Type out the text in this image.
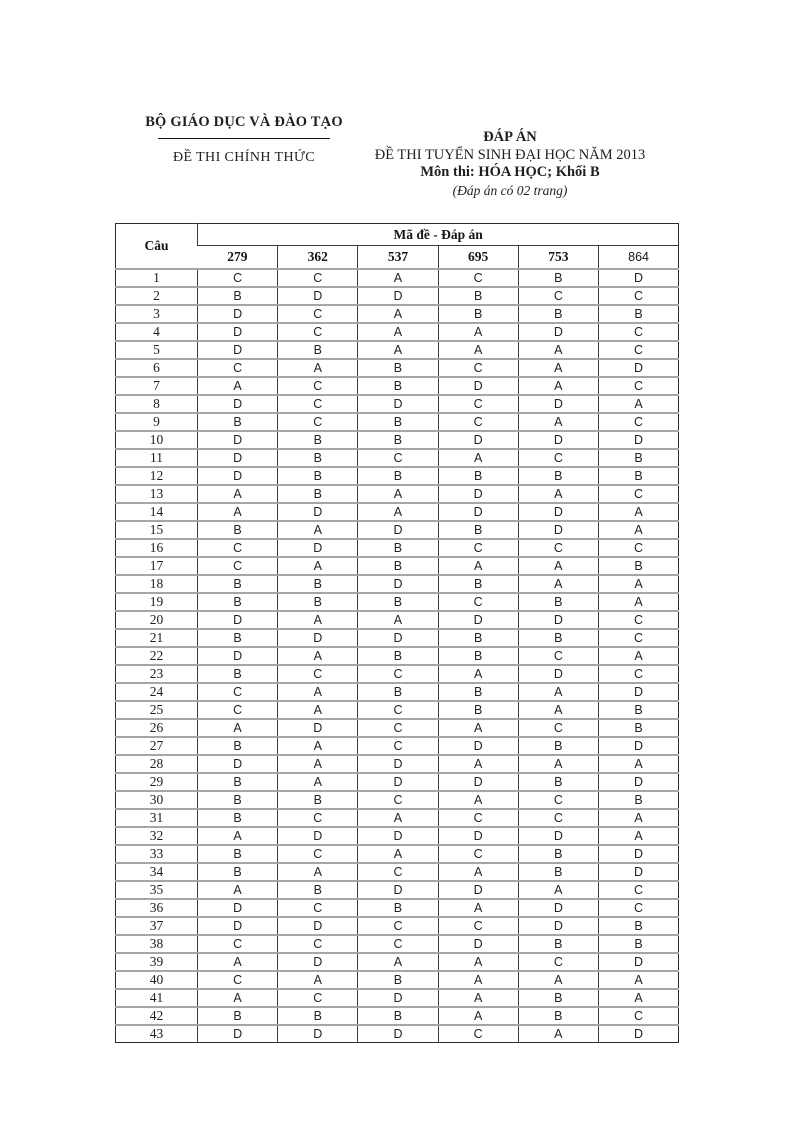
BỘ GIÁO DỤC VÀ ĐÀO TẠO
ĐỀ THI CHÍNH THỨC
ĐÁP ÁN
ĐỀ THI TUYỂN SINH ĐẠI HỌC NĂM 2013
Môn thi: HÓA HỌC; Khối B
(Đáp án có 02 trang)
Câu	Mã đề - Đáp án					
	279	362	537	695	753	864
1	C	C	A	C	B	D
2	B	D	D	B	C	C
3	D	C	A	B	B	B
4	D	C	A	A	D	C
5	D	B	A	A	A	C
6	C	A	B	C	A	D
7	A	C	B	D	A	C
8	D	C	D	C	D	A
9	B	C	B	C	A	C
10	D	B	B	D	D	D
11	D	B	C	A	C	B
12	D	B	B	B	B	B
13	A	B	A	D	A	C
14	A	D	A	D	D	A
15	B	A	D	B	D	A
16	C	D	B	C	C	C
17	C	A	B	A	A	B
18	B	B	D	B	A	A
19	B	B	B	C	B	A
20	D	A	A	D	D	C
21	B	D	D	B	B	C
22	D	A	B	B	C	A
23	B	C	C	A	D	C
24	C	A	B	B	A	D
25	C	A	C	B	A	B
26	A	D	C	A	C	B
27	B	A	C	D	B	D
28	D	A	D	A	A	A
29	B	A	D	D	B	D
30	B	B	C	A	C	B
31	B	C	A	C	C	A
32	A	D	D	D	D	A
33	B	C	A	C	B	D
34	B	A	C	A	B	D
35	A	B	D	D	A	C
36	D	C	B	A	D	C
37	D	D	C	C	D	B
38	C	C	C	D	B	B
39	A	D	A	A	C	D
40	C	A	B	A	A	A
41	A	C	D	A	B	A
42	B	B	B	A	B	C
43	D	D	D	C	A	D
